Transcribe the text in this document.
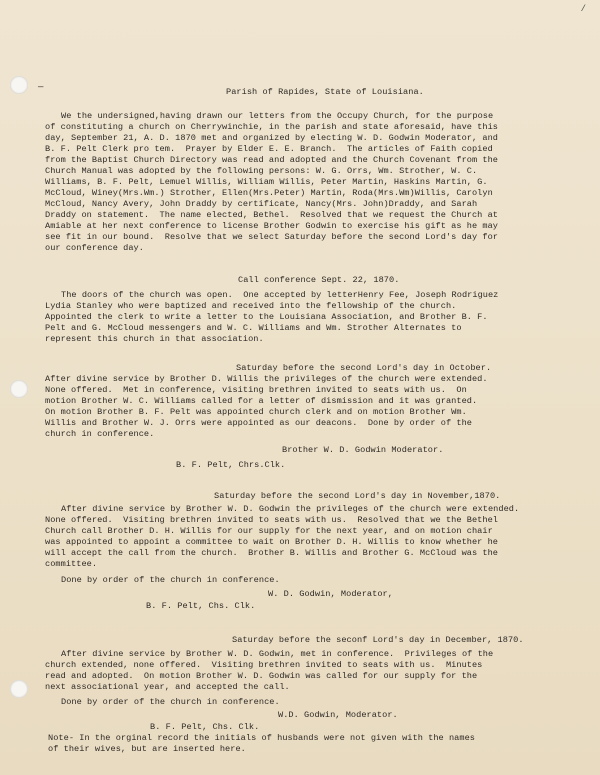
/
—	Parish of Rapides, State of Louisiana.
We the undersigned,having drawn our letters from the Occupy Church, for the purpose
of constituting a church on Cherrywinchie, in the parish and state aforesaid, have this
day, September 21, A. D. 1870 met and organized by electing W. D. Godwin Moderator, and
B. F. Pelt Clerk pro tem.  Prayer by Elder E. E. Branch.  The articles of Faith copied
from the Baptist Church Directory was read and adopted and the Church Covenant from the
Church Manual was adopted by the following persons: W. G. Orrs, Wm. Strother, W. C.
Williams, B. F. Pelt, Lemuel Willis, William Willis, Peter Martin, Haskins Martin, G.
McCloud, Winey(Mrs.Wm.) Strother, Ellen(Mrs.Peter) Martin, Roda(Mrs.Wm)Willis, Carolyn
McCloud, Nancy Avery, John Draddy by certificate, Nancy(Mrs. John)Draddy, and Sarah
Draddy on statement.  The name elected, Bethel.  Resolved that we request the Church at
Amiable at her next conference to license Brother Godwin to exercise his gift as he may
see fit in our bound.  Resolve that we select Saturday before the second Lord's day for
our conference day.
Call conference Sept. 22, 1870.
The doors of the church was open.  One accepted by letterHenry Fee, Joseph Rodriguez
Lydia Stanley who were baptized and received into the fellowship of the church.
Appointed the clerk to write a letter to the Louisiana Association, and Brother B. F.
Pelt and G. McCloud messengers and W. C. Williams and Wm. Strother Alternates to
represent this church in that association.
Saturday before the second Lord's day in October.
After divine service by Brother D. Willis the privileges of the church were extended.
None offered.  Met in conference, visiting brethren invited to seats with us.  On
motion Brother W. C. Williams called for a letter of dismission and it was granted.
On motion Brother B. F. Pelt was appointed church clerk and on motion Brother Wm.
Willis and Brother W. J. Orrs were appointed as our deacons.  Done by order of the
church in conference.
Brother W. D. Godwin Moderator.
B. F. Pelt, Chrs.Clk.
Saturday before the second Lord's day in November,1870.
After divine service by Brother W. D. Godwin the privileges of the church were extended.
None offered.  Visiting brethren invited to seats with us.  Resolved that we the Bethel
Church call Brother D. H. Willis for our supply for the next year, and on motion chair
was appointed to appoint a committee to wait on Brother D. H. Willis to know whether he
will accept the call from the church.  Brother B. Willis and Brother G. McCloud was the
committee.
Done by order of the church in conference.
W. D. Godwin, Moderator,
B. F. Pelt, Chs. Clk.
Saturday before the seconf Lord's day in December, 1870.
After divine service by Brother W. D. Godwin, met in conference.  Privileges of the
church extended, none offered.  Visiting brethren invited to seats with us.  Minutes
read and adopted.  On motion Brother W. D. Godwin was called for our supply for the
next associational year, and accepted the call.
Done by order of the church in conference.
W.D. Godwin, Moderator.
B. F. Pelt, Chs. Clk.
Note- In the orginal record the initials of husbands were not given with the names
of their wives, but are inserted here.
